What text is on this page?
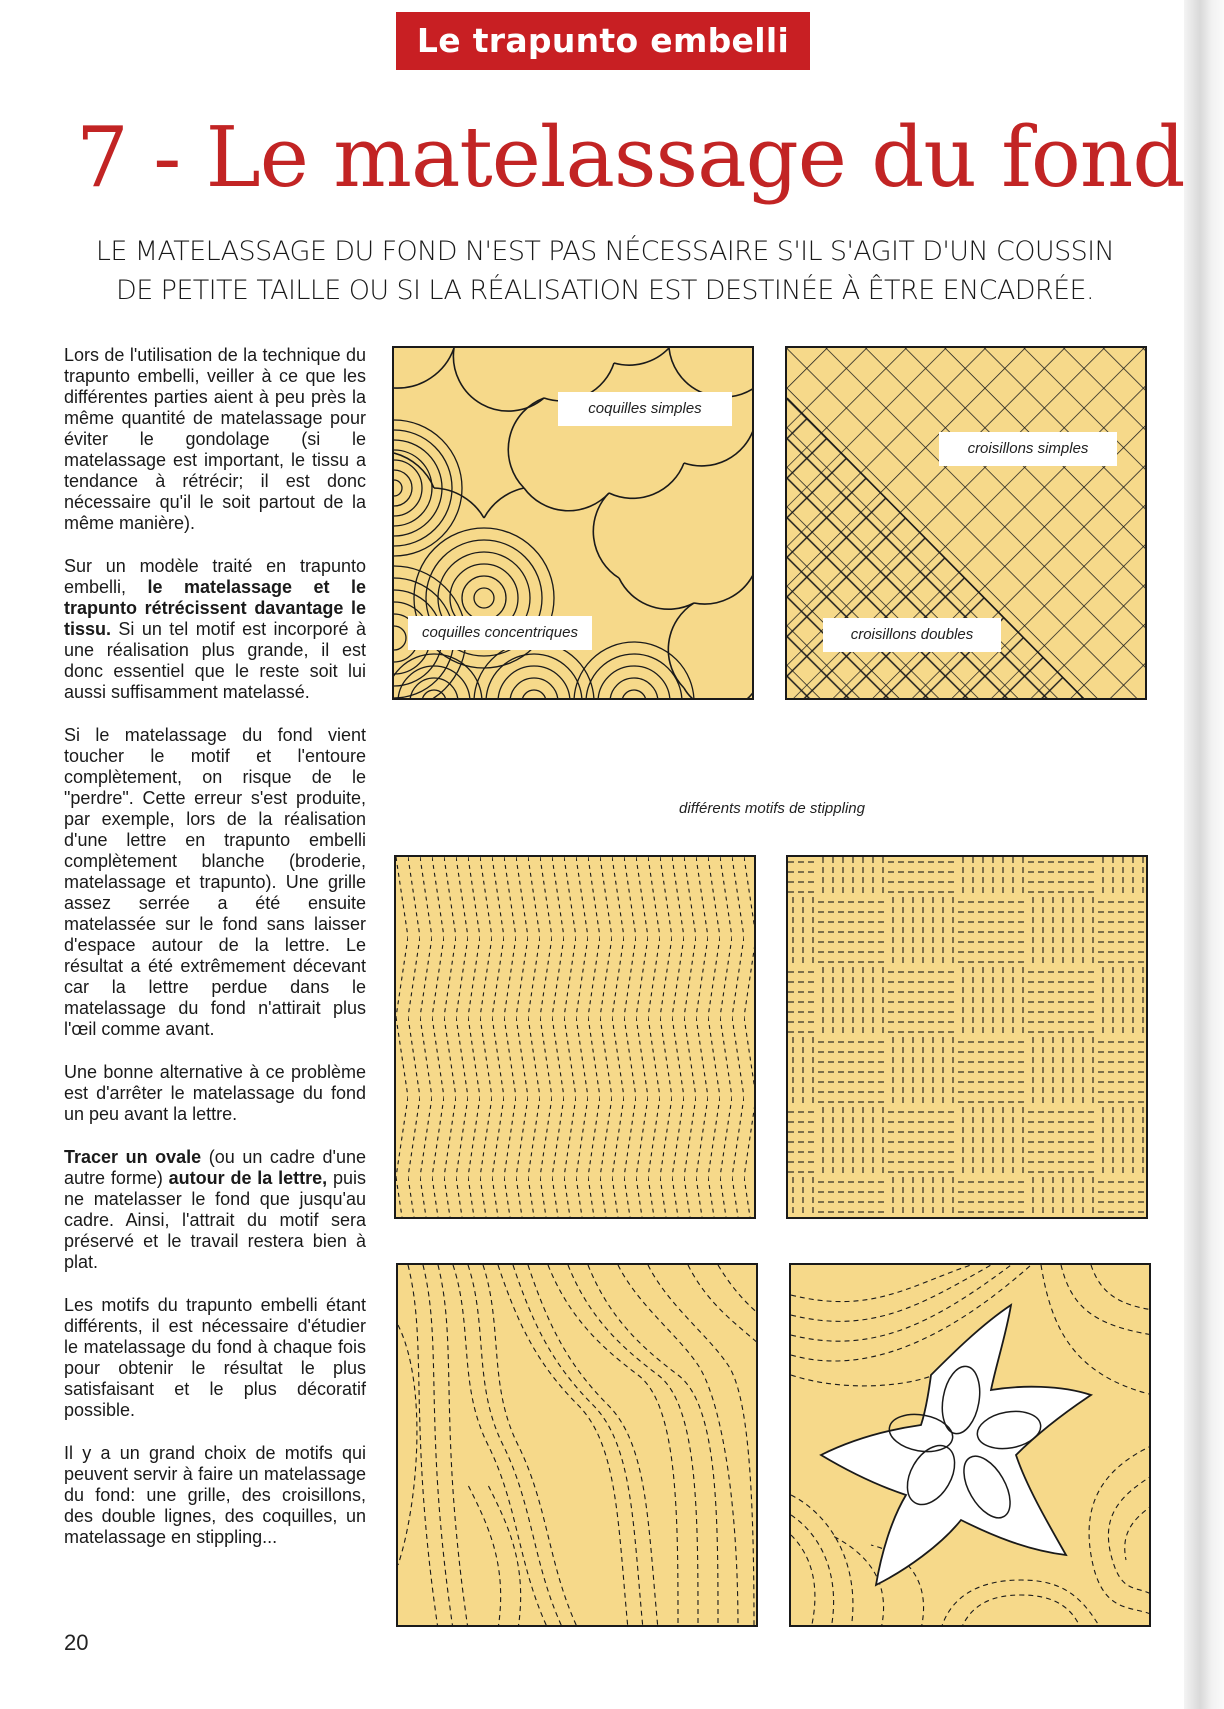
Le trapunto embelli
7 - Le matelassage du fond
LE MATELASSAGE DU FOND N'EST PAS NÉCESSAIRE S'IL S'AGIT D'UN COUSSIN
DE PETITE TAILLE OU SI LA RÉALISATION EST DESTINÉE À ÊTRE ENCADRÉE.

Lors de l'utilisation de la technique du trapunto embelli, veiller à ce que les différentes parties aient à peu près la même quantité de matelassage pour éviter le gondolage (si le matelassage est important, le tissu a tendance à rétrécir; il est donc nécessaire qu'il le soit partout de la même manière).

Sur un modèle traité en trapunto embelli, le matelassage et le trapunto rétrécissent davantage le tissu. Si un tel motif est incorporé à une réalisation plus grande, il est donc essentiel que le reste soit lui aussi suffisamment matelassé.

Si le matelassage du fond vient toucher le motif et l'entoure complètement, on risque de le "perdre". Cette erreur s'est produite, par exemple, lors de la réalisation d'une lettre en trapunto embelli complètement blanche (broderie, matelassage et trapunto). Une grille assez serrée a été ensuite matelassée sur le fond sans laisser d'espace autour de la lettre. Le résultat a été extrêmement décevant car la lettre perdue dans le matelassage du fond n'attirait plus l'œil comme avant.

Une bonne alternative à ce problème est d'arrêter le matelassage du fond un peu avant la lettre.

Tracer un ovale (ou un cadre d'une autre forme) autour de la lettre, puis ne matelasser le fond que jusqu'au cadre. Ainsi, l'attrait du motif sera préservé et le travail restera bien à plat.

Les motifs du trapunto embelli étant différents, il est nécessaire d'étudier le matelassage du fond à chaque fois pour obtenir le résultat le plus satisfaisant et le plus décoratif possible.

Il y a un grand choix de motifs qui peuvent servir à faire un matelassage du fond: une grille, des croisillons, des double lignes, des coquilles, un matelassage en stippling...

20
coquilles simples
coquilles concentriques
croisillons simples
croisillons doubles
différents motifs de stippling
